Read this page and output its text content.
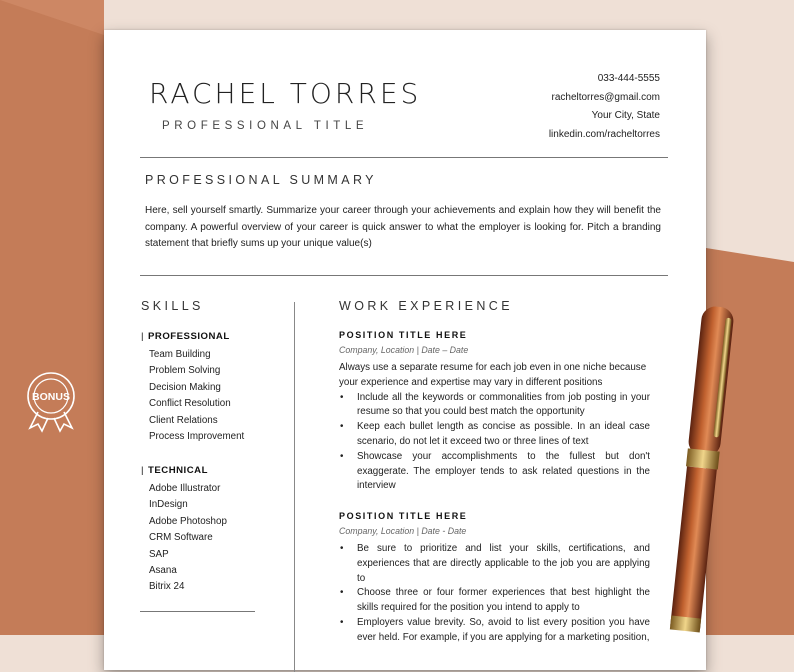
BONUS
RACHEL TORRES
PROFESSIONAL TITLE
033-444-5555
racheltorres@gmail.com
Your City, State
linkedin.com/racheltorres
PROFESSIONAL SUMMARY
Here, sell yourself smartly. Summarize your career through your achievements and explain how they will benefit the company. A powerful overview of your career is quick answer to what the employer is looking for. Pitch a branding statement that briefly sums up your unique value(s)
SKILLS
| PROFESSIONAL
Team Building
Problem Solving
Decision Making
Conflict Resolution
Client Relations
Process Improvement
| TECHNICAL
Adobe Illustrator
InDesign
Adobe Photoshop
CRM Software
SAP
Asana
Bitrix 24
WORK EXPERIENCE
POSITION TITLE HERE
Company, Location | Date – Date
Always use a separate resume for each job even in one niche because your experience and expertise may vary in different positions
• Include all the keywords or commonalities from job posting in your resume so that you could best match the opportunity
• Keep each bullet length as concise as possible. In an ideal case scenario, do not let it exceed two or three lines of text
• Showcase your accomplishments to the fullest but don't exaggerate. The employer tends to ask related questions in the interview
POSITION TITLE HERE
Company, Location | Date - Date
• Be sure to prioritize and list your skills, certifications, and experiences that are directly applicable to the job you are applying to
• Choose three or four former experiences that best highlight the skills required for the position you intend to apply to
• Employers value brevity. So, avoid to list every position you have ever held. For example, if you are applying for a marketing position,
